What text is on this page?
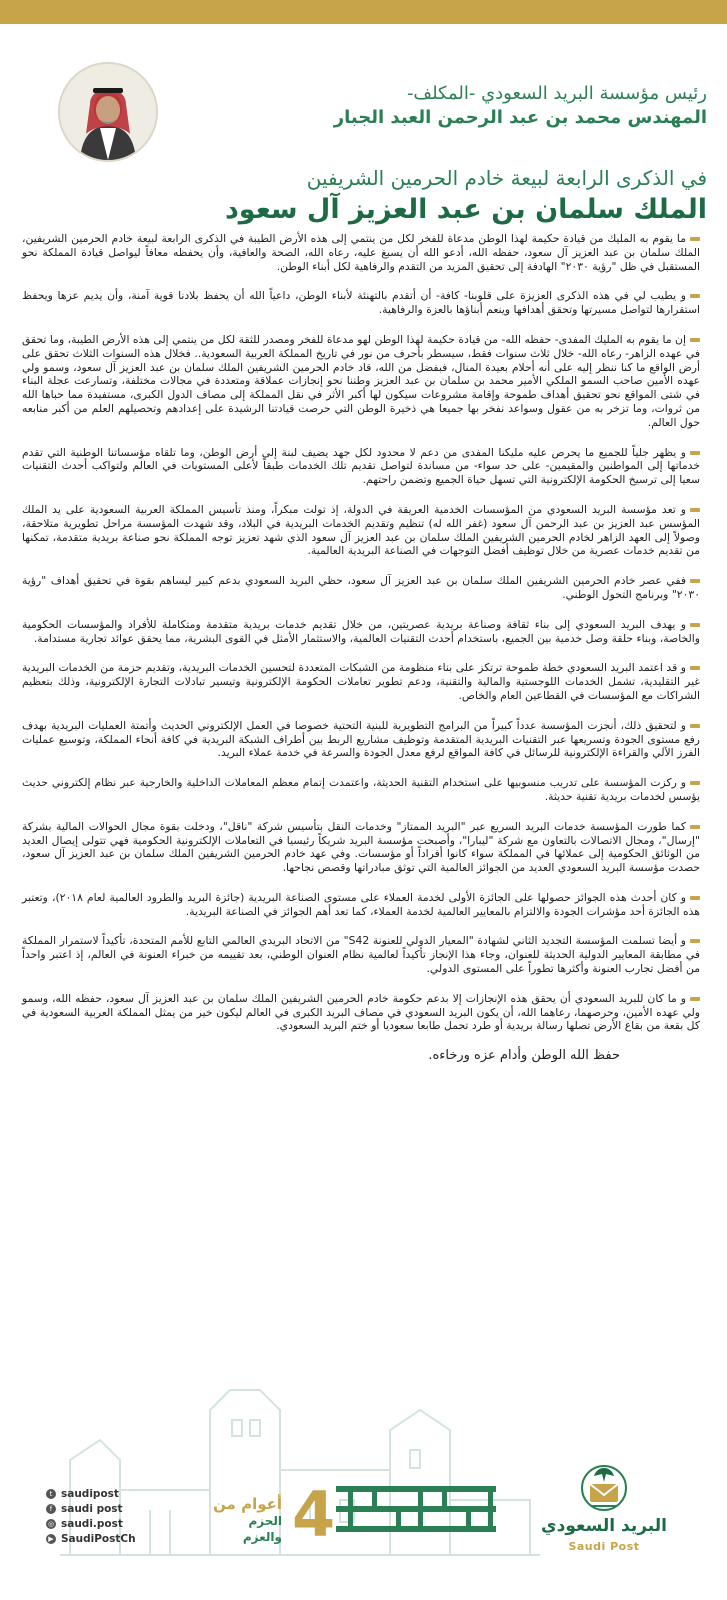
رئيس مؤسسة البريد السعودي -المكلف-
المهندس محمد بن عبد الرحمن العبد الجبار
في الذكرى الرابعة لبيعة خادم الحرمين الشريفين
الملك سلمان بن عبد العزيز آل سعود

ما يقوم به المليك من قيادة حكيمة لهذا الوطن مدعاة للفخر لكل من ينتمي إلى هذه الأرض الطيبة في الذكرى الرابعة لبيعة خادم الحرمين الشريفين، الملك سلمان بن عبد العزيز آل سعود، حفظه الله، أدعو الله أن يسبغ عليه، رعاه الله، الصحة والعافية، وأن يحفظه معافاً ليواصل قيادة المملكة نحو المستقبل في ظل "رؤية ٢٠٣٠" الهادفة إلى تحقيق المزيد من التقدم والرفاهية لكل أبناء الوطن.

و يطيب لي في هذه الذكرى العزيزة على قلوبنا- كافة- أن أتقدم بالتهنئة لأبناء الوطن، داعياً الله أن يحفظ بلادنا قوية آمنة، وأن يديم عزها ويحفظ استقرارها لتواصل مسيرتها وتحقق أهدافها وينعم أبناؤها بالعزة والرفاهية.

إن ما يقوم به المليك المفدى- حفظه الله- من قيادة حكيمة لهذا الوطن لهو مدعاة للفخر ومصدر للثقة لكل من ينتمي إلى هذه الأرض الطيبة، وما تحقق في عهده الزاهر- رعاه الله- خلال ثلاث سنوات فقط، سيسطر بأحرف من نور في تاريخ المملكة العربية السعودية.. فخلال هذه السنوات الثلاث تحقق على أرض الواقع ما كنا ننظر إليه على أنه أحلام بعيدة المنال، فبفضل من الله، قاد خادم الحرمين الشريفين الملك سلمان بن عبد العزيز آل سعود، وسمو ولي عهده الأمين صاحب السمو الملكي الأمير محمد بن سلمان بن عبد العزيز وطننا نحو إنجازات عملاقة ومتعددة في مجالات مختلفة، وتسارعت عجلة البناء في شتى المواقع نحو تحقيق أهداف طموحة وإقامة مشروعات سيكون لها أكبر الأثر في نقل المملكة إلى مصاف الدول الكبرى، مستفيدة مما حباها الله من ثروات، وما تزخر به من عقول وسواعد نفخر بها جميعا هي ذخيرة الوطن التي حرصت قيادتنا الرشيدة على إعدادهم وتحصيلهم العلم من أكبر منابعه حول العالم.

و يظهر جلياً للجميع ما يحرص عليه مليكنا المفدى من دعم لا محدود لكل جهد يضيف لبنة إلى أرض الوطن، وما تلقاه مؤسساتنا الوطنية التي تقدم خدماتها إلى المواطنين والمقيمين- على حد سواء- من مساندة لتواصل تقديم تلك الخدمات طبقاً لأعلى المستويات في العالم ولتواكب أحدث التقنيات سعيا إلى ترسيخ الحكومة الإلكترونية التي تسهل حياة الجميع وتضمن راحتهم.

و تعد مؤسسة البريد السعودي من المؤسسات الخدمية العريقة في الدولة، إذ تولت مبكراً، ومنذ تأسيس المملكة العربية السعودية على يد الملك المؤسس عبد العزيز بن عبد الرحمن آل سعود (غفر الله له) تنظيم وتقديم الخدمات البريدية في البلاد، وقد شهدت المؤسسة مراحل تطويرية متلاحقة، وصولاً إلى العهد الزاهر لخادم الحرمين الشريفين الملك سلمان بن عبد العزيز آل سعود الذي شهد تعزيز توجه المملكة نحو صناعة بريدية متقدمة، تمكنها من تقديم خدمات عصرية من خلال توظيف أفضل التوجهات في الصناعة البريدية العالمية.

ففي عصر خادم الحرمين الشريفين الملك سلمان بن عبد العزيز آل سعود، حظي البريد السعودي بدعم كبير ليساهم بقوة في تحقيق أهداف "رؤية ٢٠٣٠" وبرنامج التحول الوطني.

و يهدف البريد السعودي إلى بناء ثقافة وصناعة بريدية عصريتين، من خلال تقديم خدمات بريدية متقدمة ومتكاملة للأفراد والمؤسسات الحكومية والخاصة، وبناء حلقة وصل خدمية بين الجميع، باستخدام أحدث التقنيات العالمية، والاستثمار الأمثل في القوى البشرية، مما يحقق عوائد تجارية مستدامة.

و قد اعتمد البريد السعودي خطة طموحة ترتكز على بناء منظومة من الشبكات المتعددة لتحسين الخدمات البريدية، وتقديم حزمة من الخدمات البريدية غير التقليدية، تشمل الخدمات اللوجستية والمالية والتقنية، ودعم تطوير تعاملات الحكومة الإلكترونية وتيسير تبادلات التجارة الإلكترونية، وذلك بتعظيم الشراكات مع المؤسسات في القطاعين العام والخاص.

و لتحقيق ذلك، أنجزت المؤسسة عدداً كبيراً من البرامج التطويرية للبنية التحتية خصوصا في العمل الإلكتروني الحديث وأتمتة العمليات البريدية بهدف رفع مستوى الجودة وتسريعها عبر التقنيات البريدية المتقدمة وتوظيف مشاريع الربط بين أطراف الشبكة البريدية في كافة أنحاء المملكة، وتوسيع عمليات الفرز الآلي والقراءة الإلكترونية للرسائل في كافة المواقع لرفع معدل الجودة والسرعة في خدمة عملاء البريد.

و ركزت المؤسسة على تدريب منسوبيها على استخدام التقنية الحديثة، واعتمدت إتمام معظم المعاملات الداخلية والخارجية عبر نظام إلكتروني حديث يؤسس لخدمات بريدية تقنية حديثة.

كما طورت المؤسسة خدمات البريد السريع عبر "البريد الممتاز" وخدمات النقل بتأسيس شركة "ناقل"، ودخلت بقوة مجال الحوالات المالية بشركة "إرسال"، ومجال الاتصالات بالتعاون مع شركة "ليبارا"، وأصبحت مؤسسة البريد شريكاً رئيسيا في التعاملات الإلكترونية الحكومية فهي تتولى إيصال العديد من الوثائق الحكومية إلى عملائها في المملكة سواء كانوا أفراداً أو مؤسسات. وفي عهد خادم الحرمين الشريفين الملك سلمان بن عبد العزيز آل سعود، حصدت مؤسسة البريد السعودي العديد من الجوائز العالمية التي توثق مبادراتها وقصص نجاحها.

و كان أحدث هذه الجوائز حصولها على الجائزة الأولى لخدمة العملاء على مستوى الصناعة البريدية (جائزة البريد والطرود العالمية لعام ٢٠١٨)، وتعتبر هذه الجائزة أحد مؤشرات الجودة والالتزام بالمعايير العالمية لخدمة العملاء، كما تعد أهم الجوائز في الصناعة البريدية.

و أيضا تسلمت المؤسسة التجديد الثاني لشهادة "المعيار الدولي للعنونة S42" من الاتحاد البريدي العالمي التابع للأمم المتحدة، تأكيداً لاستمرار المملكة في مطابقة المعايير الدولية الحديثة للعنوان، وجاء هذا الإنجاز تأكيداً لعالمية نظام العنوان الوطني، بعد تقييمه من خبراء العنونة في العالم، إذ اعتبر واحداً من أفضل تجارب العنونة وأكثرها تطوراً على المستوى الدولي.

و ما كان للبريد السعودي أن يحقق هذه الإنجازات إلا بدعم حكومة خادم الحرمين الشريفين الملك سلمان بن عبد العزيز آل سعود، حفظه الله، وسمو ولي عهده الأمين، وحرصهما، رعاهما الله، أن يكون البريد السعودي في مصاف البريد الكبرى في العالم ليكون خير من يمثل المملكة العربية السعودية في كل بقعة من بقاع الأرض تصلها رسالة بريدية أو طرد تحمل طابعا سعوديا أو ختم البريد السعودي.

حفظ الله الوطن وأدام عزه ورخاءه.
t saudipost
f saudi post
◎ saudi.post
▶ SaudiPostCh
أعوام من
الحزم والعزم 4	البريد السعودي
Saudi Post
